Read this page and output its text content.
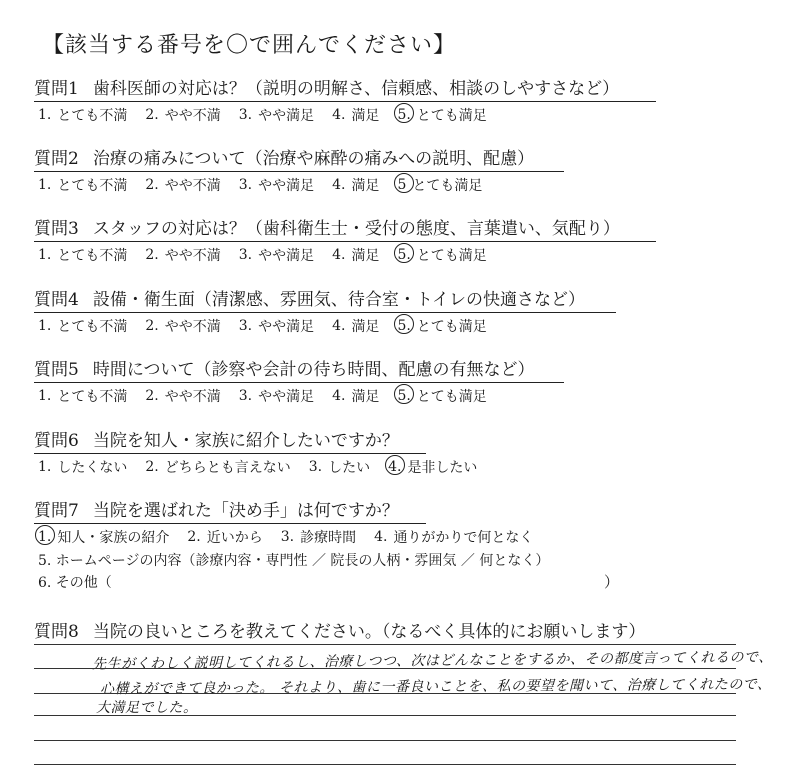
【該当する番号を〇で囲んでください】
質問1 歯科医師の対応は？（説明の明解さ、信頼感、相談のしやすさなど）
1. とても不満 2. やや不満 3. やや満足 4. 満足 5. とても満足
質問2 治療の痛みについて（治療や麻酔の痛みへの説明、配慮）
1. とても不満 2. やや不満 3. やや満足 4. 満足 5 とても満足
質問3 スタッフの対応は？（歯科衛生士・受付の態度、言葉遣い、気配り）
1. とても不満 2. やや不満 3. やや満足 4. 満足 5. とても満足
質問4 設備・衛生面（清潔感、雰囲気、待合室・トイレの快適さなど）
1. とても不満 2. やや不満 3. やや満足 4. 満足 5. とても満足
質問5 時間について（診察や会計の待ち時間、配慮の有無など）
1. とても不満 2. やや不満 3. やや満足 4. 満足 5. とても満足
質問6 当院を知人・家族に紹介したいですか？
1. したくない 2. どちらとも言えない 3. したい 4. 是非したい
質問7 当院を選ばれた「決め手」は何ですか？
1. 知人・家族の紹介 2. 近いから 3. 診療時間 4. 通りがかりで何となく
5. ホームページの内容（診療内容・専門性 ／ 院長の人柄・雰囲気 ／ 何となく）
6. その他（	）
質問8 当院の良いところを教えてください。（なるべく具体的にお願いします）
先生がくわしく説明してくれるし、治療しつつ、次はどんなことをするか、その都度言ってくれるので、
心構えができて良かった。 それより、歯に一番良いことを、私の要望を聞いて、治療してくれたので、
大満足でした。
